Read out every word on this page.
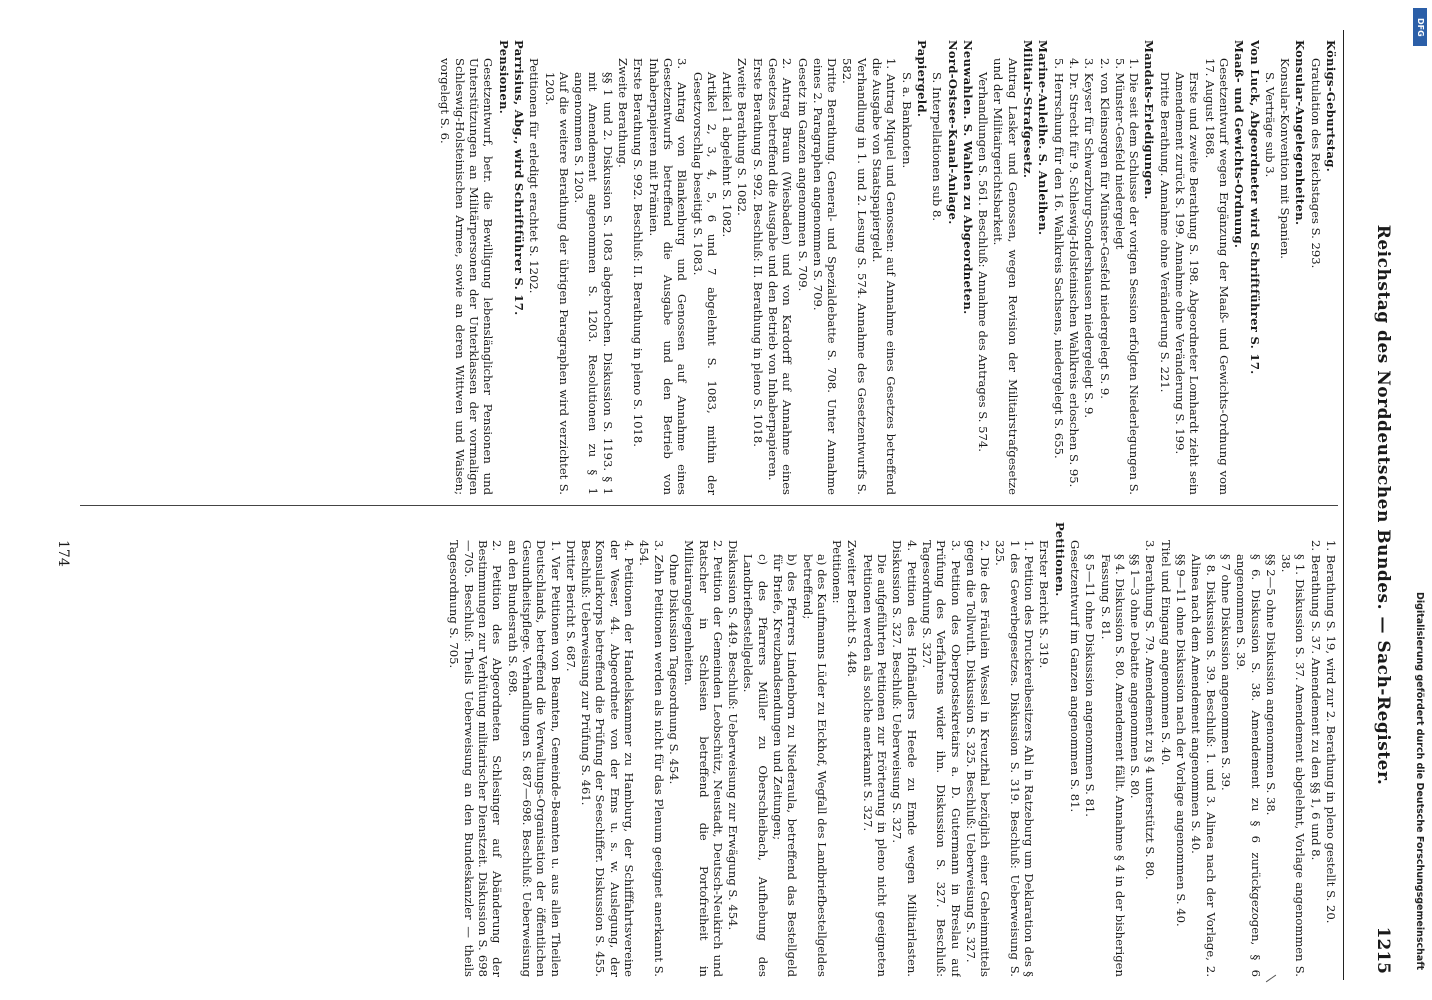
Reichstag des Norddeutschen Bundes. — Sach-Register.
1215
Königs-Geburtstag.
Gratulation des Reichstages S. 293.
Konsular-Angelegenheiten.
Konsular-Konvention mit Spanien.
S. Verträge sub 3.
Von Luck, Abgeordneter wird Schriftführer S. 17.
Maaß- und Gewichts-Ordnung.
Gesetzentwurf wegen Ergänzung der Maaß- und Gewichts-Ordnung vom 17. August 1868.
Erste und zweite Berathung S. 198. Abgeordneter Lomhardt zieht sein Amendement zurück S. 199. Annahme ohne Veränderung S. 199.
Dritte Berathung. Annahme ohne Veränderung S. 221.
Mandats-Erledigungen.
1. Die seit dem Schlusse der vorigen Session erfolgten Niederlegungen S. 5. Münster-Gesfeld niedergelegt
2. von Kleinsorgen für Münster-Gesfeld niedergelegt S. 9.
3. Keyser für Schwarzburg-Sondershausen niedergelegt S. 9.
4. Dr. Strecht für 9. Schleswig-Holsteinischen Wahlkreis erloschen S. 95.
5. Herrschung für den 16. Wahlkreis Sachsens, niedergelegt S. 655.
Marine-Anleihe. S. Anleihen.
Militair-Strafgesetz.
Antrag Lasker und Genossen, wegen Revision der Militairstrafgesetze und der Militairgerichtsbarkeit.
Verhandlungen S. 561. Beschluß: Annahme des Antrages S. 574.
Neuwahlen. S. Wahlen zu Abgeordneten.
Nord-Ostsee-Kanal-Anlage.
S. Interpellationen sub 8.
Papiergeld.
S. a. Banknoten.
1. Antrag Miquel und Genossen: auf Annahme eines Gesetzes betreffend die Ausgabe von Staatspapiergeld.
Verhandlung in 1. und 2. Lesung S. 574. Annahme des Gesetzentwurfs S. 582.
Dritte Berathung. General- und Spezialdebatte S. 708. Unter Annahme eines 2. Paragraphen angenommen S. 709.
Gesetz im Ganzen angenommen S. 709.
2. Antrag Braun (Wiesbaden) und von Kardorff auf Annahme eines Gesetzes betreffend die Ausgabe und den Betrieb von Inhaberpapieren.
Erste Berathung S. 992. Beschluß: II. Berathung in pleno S. 1018.
Zweite Berathung S. 1082.
Artikel 1 abgelehnt S. 1082.
Artikel 2, 3, 4, 5, 6 und 7 abgelehnt S. 1083, mithin der Gesetzvorschlag beseitigt S. 1083.
3. Antrag von Blankenburg und Genossen auf Annahme eines Gesetzentwurfs betreffend die Ausgabe und den Betrieb von Inhaberpapieren mit Prämien.
Erste Berathung S. 992. Beschluß: II. Berathung in pleno S. 1018.
Zweite Berathung.
§§ 1 und 2. Diskussion S. 1083 abgebrochen. Diskussion S. 1193. § 1 mit Amendement angenommen S. 1203. Resolutionen zu § 1 angenommen S. 1203.
Auf die weitere Berathung der übrigen Paragraphen wird verzichtet S. 1203.
Petitionen für erledigt erachtet S. 1202.
Parrisius, Abg., wird Schriftführer S. 17.
Pensionen.
Gesetzentwurf, betr. die Bewilligung lebenslänglicher Pensionen und Unterstützungen an Militärpersonen der Unterklassen der vormaligen Schleswig-Holsteinischen Armee, sowie an deren Wittwen und Waisen; vorgelegt S. 6.
1. Berathung S. 19, wird zur 2. Berathung in pleno gestellt S. 20.
2. Berathung S. 37. Amendement zu den §§ 1, 6 und 8.
§ 1. Diskussion S. 37. Amendement abgelehnt, Vorlage angenommen S. 38.
§§ 2—5 ohne Diskussion angenommen S. 38.
§ 6. Diskussion S. 38. Amendement zu § 6 zurückgezogen, § 6 angenommen S. 39.
§ 7 ohne Diskussion angenommen S. 39.
§ 8. Diskussion S. 39. Beschluß: 1. und 3. Alinea nach der Vorlage, 2. Alinea nach dem Amendement angenommen S. 40.
§§ 9—11 ohne Diskussion nach der Vorlage angenommen S. 40.
Titel und Eingang angenommen S. 40.
3. Berathung S. 79. Amendement zu § 4 unterstützt S. 80.
§§ 1—3 ohne Debatte angenommen S. 80.
§ 4. Diskussion S. 80. Amendement fällt. Annahme § 4 in der bisherigen Fassung S. 81.
§ 5—11 ohne Diskussion angenommen S. 81.
Gesetzentwurf im Ganzen angenommen S. 81.
Petitionen.
Erster Bericht S. 319.
1. Petition des Druckereibesitzers Ahl in Ratzeburg um Deklaration des § 1 des Gewerbegesetzes. Diskussion S. 319. Beschluß: Ueberweisung S. 325.
2. Die des Fräulein Wessel in Kreuzthal bezüglich einer Geheimmittels gegen die Tollwuth. Diskussion S. 325. Beschluß: Ueberweisung S. 327.
3. Petition des Oberpostsekretairs a. D. Gutermann in Breslau auf Prüfung des Verfahrens wider ihn. Diskussion S. 327. Beschluß: Tagesordnung S. 327.
4. Petition des Hofhändlers Heede zu Emde wegen Militairlasten. Diskussion S. 327. Beschluß: Ueberweisung S. 327.
Die aufgeführten Petitionen zur Erörterung in pleno nicht geeigneten Petitionen werden als solche anerkannt S. 327.
Zweiter Bericht S. 448.
Petitionen:
a) des Kaufmanns Lüder zu Eickhof, Wegfall des Landbriefbestellgeldes betreffend;
b) des Pfarrers Lindenborn zu Niederaula, betreffend das Bestellgeld für Briefe, Kreuzbandsendungen und Zeitungen;
c) des Pfarrers Müller zu Oberschleibach, Aufhebung des Landbriefbestellgeldes.
Diskussion S. 449. Beschluß: Ueberweisung zur Erwägung S. 454.
2. Petition der Gemeinden Leobschütz, Neustadt, Deutsch-Neukirch und Ratscher in Schlesien betreffend die Portofreiheit in Militairangelegenheiten.
Ohne Diskussion Tagesordnung S. 454.
3. Zehn Petitionen werden als nicht für das Plenum geeignet anerkannt S. 454.
4. Petitionen der Handelskammer zu Hamburg, der Schifffahrtsvereine der Weser, 44. Abgeordnete von der Ems u. s. w. Auslegung, der Konsularkorps betreffend die Prüfung der Seeschiffer. Diskussion S. 455. Beschluß: Ueberweisung zur Prüfung S. 461.
Dritter Bericht S. 687.
1. Vier Petitionen von Beamten, Gemeinde-Beamten u. aus allen Theilen Deutschlands, betreffend die Verwaltungs-Organisation der öffentlichen Gesundheitspflege. Verhandlungen S. 687—698. Beschluß: Ueberweisung an den Bundesrath S. 698.
2. Petition des Abgeordneten Schlesinger auf Abänderung der Bestimmungen zur Verhütung militairischer Dienstzeit. Diskussion S. 698—705. Beschluß: Theils Ueberweisung an den Bundeskanzler — theils Tagesordnung S. 705.
174
Digitalisierung gefördert durch die Deutsche Forschungsgemeinschaft
DFG
